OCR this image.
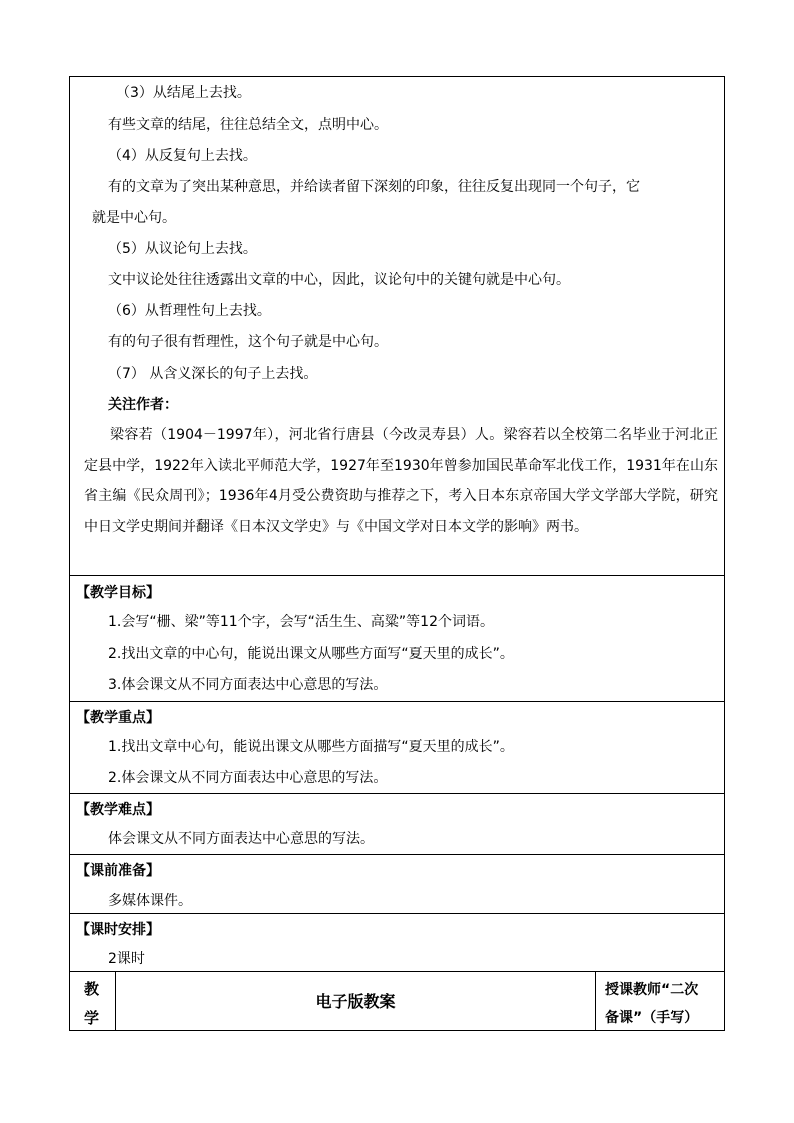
（3）从结尾上去找。
有些文章的结尾，往往总结全文，点明中心。
（4）从反复句上去找。
有的文章为了突出某种意思，并给读者留下深刻的印象，往往反复出现同一个句子，它
就是中心句。
（5）从议论句上去找。
文中议论处往往透露出文章的中心，因此，议论句中的关键句就是中心句。
（6）从哲理性句上去找。
有的句子很有哲理性，这个句子就是中心句。
（7） 从含义深长的句子上去找。
关注作者：
梁容若（1904－1997年），河北省行唐县（今改灵寿县）人。梁容若以全校第二名毕业于河北正定县中学，1922年入读北平师范大学，1927年至1930年曾参加国民革命军北伐工作，1931年在山东省主编《民众周刊》；1936年4月受公费资助与推荐之下，考入日本东京帝国大学文学部大学院，研究中日文学史期间并翻译《日本汉文学史》与《中国文学对日本文学的影响》两书。
【教学目标】
1.会写“栅、梁”等11个字，会写“活生生、高粱”等12个词语。
2.找出文章的中心句，能说出课文从哪些方面写“夏天里的成长”。
3.体会课文从不同方面表达中心意思的写法。
【教学重点】
1.找出文章中心句，能说出课文从哪些方面描写“夏天里的成长”。
2.体会课文从不同方面表达中心意思的写法。
【教学难点】
体会课文从不同方面表达中心意思的写法。
【课前准备】
多媒体课件。
【课时安排】
2课时
教
学
电子版教案
授课教师“二次
备课”（手写）
